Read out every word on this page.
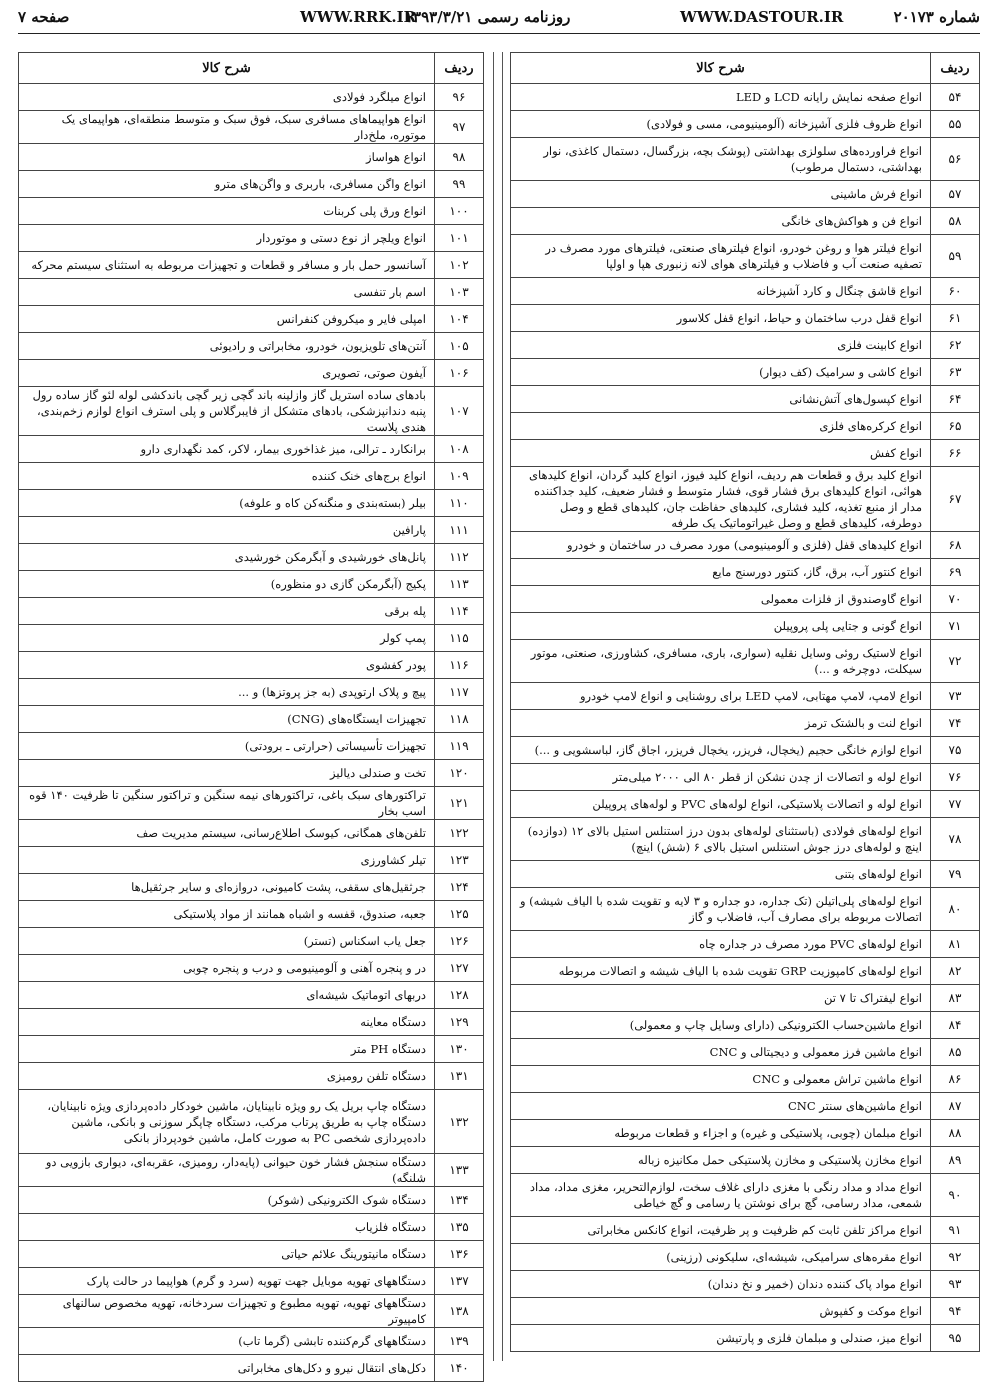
صفحه ۷	WWW.RRK.IR
روزنامه رسمی ۱۳۹۳/۳/۲۱	WWW.DASTOUR.IR	شماره ۲۰۱۷۳
ردیف	شرح کالا
۵۴	انواع صفحه نمایش رایانه LCD و LED
۵۵	انواع ظروف فلزی آشپزخانه (آلومینیومی، مسی و فولادی)
۵۶	انواع فراورده‌های سلولزی بهداشتی (پوشک بچه، بزرگسال، دستمال کاغذی، نوار بهداشتی، دستمال مرطوب)
۵۷	انواع فرش ماشینی
۵۸	انواع فن و هواکش‌های خانگی
۵۹	انواع فیلتر هوا و روغن خودرو، انواع فیلترهای صنعتی، فیلترهای مورد مصرف در تصفیه صنعت آب و فاضلاب و فیلترهای هوای لانه زنبوری هپا و اولپا
۶۰	انواع قاشق چنگال و کارد آشپزخانه
۶۱	انواع قفل درب ساختمان و حیاط، انواع قفل کلاسور
۶۲	انواع کابینت فلزی
۶۳	انواع کاشی و سرامیک (کف دیوار)
۶۴	انواع کپسول‌های آتش‌نشانی
۶۵	انواع کرکره‌های فلزی
۶۶	انواع کفش
۶۷	انواع کلید برق و قطعات هم ردیف، انواع کلید فیوز، انواع کلید گردان، انواع کلیدهای هوائی، انواع کلیدهای برق فشار قوی، فشار متوسط و فشار ضعیف، کلید جداکننده مدار از منبع تغذیه، کلید فشاری، کلیدهای حفاظت جان، کلیدهای قطع و وصل دوطرفه، کلیدهای قطع و وصل غیراتوماتیک یک طرفه
۶۸	انواع کلیدهای قفل (فلزی و آلومینیومی) مورد مصرف در ساختمان و خودرو
۶۹	انواع کنتور آب، برق، گاز، کنتور دورسنج مایع
۷۰	انواع گاوصندوق از فلزات معمولی
۷۱	انواع گونی و جتایی پلی پروپیلن
۷۲	انواع لاستیک روئی وسایل نقلیه (سواری، باری، مسافری، کشاورزی، صنعتی، موتور سیکلت، دوچرخه و ...)
۷۳	انواع لامپ، لامپ مهتابی، لامپ LED برای روشنایی و انواع لامپ خودرو
۷۴	انواع لنت و بالشتک ترمز
۷۵	انواع لوازم خانگی حجیم (یخچال، فریزر، یخچال فریزر، اجاق گاز، لباسشویی و ...)
۷۶	انواع لوله و اتصالات از چدن نشکن از قطر ۸۰ الی ۲۰۰۰ میلی‌متر
۷۷	انواع لوله و اتصالات پلاستیکی، انواع لوله‌های PVC و لوله‌های پروپیلن
۷۸	انواع لوله‌های فولادی (باستثنای لوله‌های بدون درز استنلس استیل بالای ۱۲ (دوازده) اینچ و لوله‌های درز جوش استنلس استیل بالای ۶ (شش) اینچ)
۷۹	انواع لوله‌های بتنی
۸۰	انواع لوله‌های پلی‌اتیلن (تک جداره، دو جداره و ۳ لایه و تقویت شده با الیاف شیشه) و اتصالات مربوطه برای مصارف آب، فاضلاب و گاز
۸۱	انواع لوله‌های PVC مورد مصرف در جداره چاه
۸۲	انواع لوله‌های کامپوزیت GRP تقویت شده با الیاف شیشه و اتصالات مربوطه
۸۳	انواع لیفتراک تا ۷ تن
۸۴	انواع ماشین‌حساب الکترونیکی (دارای وسایل چاپ و معمولی)
۸۵	انواع ماشین فرز معمولی و دیجیتالی و CNC
۸۶	انواع ماشین تراش معمولی و CNC
۸۷	انواع ماشین‌های سنتر CNC
۸۸	انواع مبلمان (چوبی، پلاستیکی و غیره) و اجزاء و قطعات مربوطه
۸۹	انواع مخازن پلاستیکی و مخازن پلاستیکی حمل مکانیزه زباله
۹۰	انواع مداد و مداد رنگی با مغزی دارای غلاف سخت، لوازم‌التحریر، مغزی مداد، مداد شمعی، مداد رسامی، گچ برای نوشتن یا رسامی و گچ خیاطی
۹۱	انواع مراکز تلفن ثابت کم ظرفیت و پر ظرفیت، انواع کانکس مخابراتی
۹۲	انواع مقره‌های سرامیکی، شیشه‌ای، سلیکونی (رزینی)
۹۳	انواع مواد پاک کننده دندان (خمیر و نخ دندان)
۹۴	انواع موکت و کفپوش
۹۵	انواع میز، صندلی و مبلمان فلزی و پارتیشن
ردیف	شرح کالا
۹۶	انواع میلگرد فولادی
۹۷	انواع هواپیماهای مسافری سبک، فوق سبک و متوسط منطقه‌ای، هواپیمای یک موتوره، ملخ‌دار
۹۸	انواع هواساز
۹۹	انواع واگن مسافری، باربری و واگن‌های مترو
۱۰۰	انواع ورق پلی کربنات
۱۰۱	انواع ویلچر از نوع دستی و موتوردار
۱۰۲	آسانسور حمل بار و مسافر و قطعات و تجهیزات مربوطه به استثنای سیستم محرکه
۱۰۳	اسم بار تنفسی
۱۰۴	امپلی فایر و میکروفن کنفرانس
۱۰۵	آنتن‌های تلویزیون، خودرو، مخابراتی و رادیوئی
۱۰۶	آیفون صوتی، تصویری
۱۰۷	بادهای ساده استریل گاز وازلینه باند گچی زیر گچی باندکشی لوله لئو گاز ساده رول پنبه دندانپزشکی، بادهای متشکل از فایبرگلاس و پلی استرف انواع لوازم زخم‌بندی، هندی پلاست
۱۰۸	برانکارد ـ ترالی، میز غذاخوری بیمار، لاکر، کمد نگهداری دارو
۱۰۹	انواع برج‌های خنک کننده
۱۱۰	بیلر (بسته‌بندی و منگنه‌کن کاه و علوفه)
۱۱۱	پارافین
۱۱۲	پانل‌های خورشیدی و آبگرمکن خورشیدی
۱۱۳	پکیج (آبگرمکن گازی دو منظوره)
۱۱۴	پله برقی
۱۱۵	پمپ کولر
۱۱۶	پودر کفشوی
۱۱۷	پیچ و پلاک ارتوپدی (به جز پروتزها) و ...
۱۱۸	تجهیزات ایستگاه‌های (CNG)
۱۱۹	تجهیزات تأسیساتی (حرارتی ـ برودتی)
۱۲۰	تخت و صندلی دیالیز
۱۲۱	تراکتورهای سبک باغی، تراکتورهای نیمه سنگین و تراکتور سنگین تا ظرفیت ۱۴۰ قوه اسب بخار
۱۲۲	تلفن‌های همگانی، کیوسک اطلاع‌رسانی، سیستم مدیریت صف
۱۲۳	تیلر کشاورزی
۱۲۴	جرثقیل‌های سقفی، پشت کامیونی، دروازه‌ای و سایر جرثقیل‌ها
۱۲۵	جعبه، صندوق، قفسه و اشباه همانند از مواد پلاستیکی
۱۲۶	جعل یاب اسکناس (تستر)
۱۲۷	در و پنجره آهنی و آلومینیومی و درب و پنجره چوبی
۱۲۸	دربهای اتوماتیک شیشه‌ای
۱۲۹	دستگاه معاینه
۱۳۰	دستگاه PH متر
۱۳۱	دستگاه تلفن رومیزی
۱۳۲	دستگاه چاپ بریل یک رو ویژه نابینایان، ماشین خودکار داده‌پردازی ویژه نابینایان، دستگاه چاپ به طریق پرتاب مرکب، دستگاه چاپگر سوزنی و بانکی، ماشین داده‌پردازی شخصی PC به صورت کامل، ماشین خودپرداز بانکی
۱۳۳	دستگاه سنجش فشار خون حیوانی (پایه‌دار، رومیزی، عقربه‌ای، دیواری بازویی دو شلنگه)
۱۳۴	دستگاه شوک الکترونیکی (شوکر)
۱۳۵	دستگاه فلزیاب
۱۳۶	دستگاه مانیتورینگ علائم حیاتی
۱۳۷	دستگاههای تهویه موبایل جهت تهویه (سرد و گرم) هواپیما در حالت پارک
۱۳۸	دستگاههای تهویه، تهویه مطبوع و تجهیزات سردخانه، تهویه مخصوص سالنهای کامپیوتر
۱۳۹	دستگاههای گرم‌کننده تابشی (گرما تاب)
۱۴۰	دکل‌های انتقال نیرو و دکل‌های مخابراتی
